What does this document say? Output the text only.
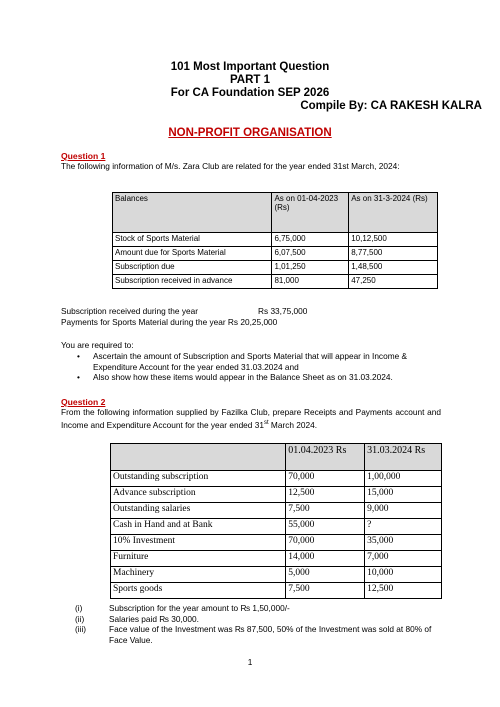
101 Most Important Question
PART 1
For CA Foundation SEP 2026
Compile By: CA RAKESH KALRA
NON-PROFIT ORGANISATION
Question 1
The following information of M/s. Zara Club are related for the year ended 31st March, 2024:
Balances	As on 01-04-2023 (Rs)	As on 31-3-2024 (Rs)
Stock of Sports Material	6,75,000	10,12,500
Amount due for Sports Material	6,07,500	8,77,500
Subscription due	1,01,250	1,48,500
Subscription received in advance	81,000	47,250
Subscription received during the year	Rs 33,75,000
Payments for Sports Material during the year Rs 20,25,000
You are required to:
• Ascertain the amount of Subscription and Sports Material that will appear in Income & Expenditure Account for the year ended 31.03.2024 and
• Also show how these items would appear in the Balance Sheet as on 31.03.2024.
Question 2
From the following information supplied by Fazilka Club, prepare Receipts and Payments account and Income and Expenditure Account for the year ended 31st March 2024.
	01.04.2023 Rs	31.03.2024 Rs
Outstanding subscription	70,000	1,00,000
Advance subscription	12,500	15,000
Outstanding salaries	7,500	9,000
Cash in Hand and at Bank	55,000	?
10% Investment	70,000	35,000
Furniture	14,000	7,000
Machinery	5,000	10,000
Sports goods	7,500	12,500
(i)	Subscription for the year amount to ₨ 1,50,000/-
(ii)	Salaries paid ₨ 30,000.
(iii)	Face value of the Investment was ₨ 87,500, 50% of the Investment was sold at 80% of Face Value.
1
